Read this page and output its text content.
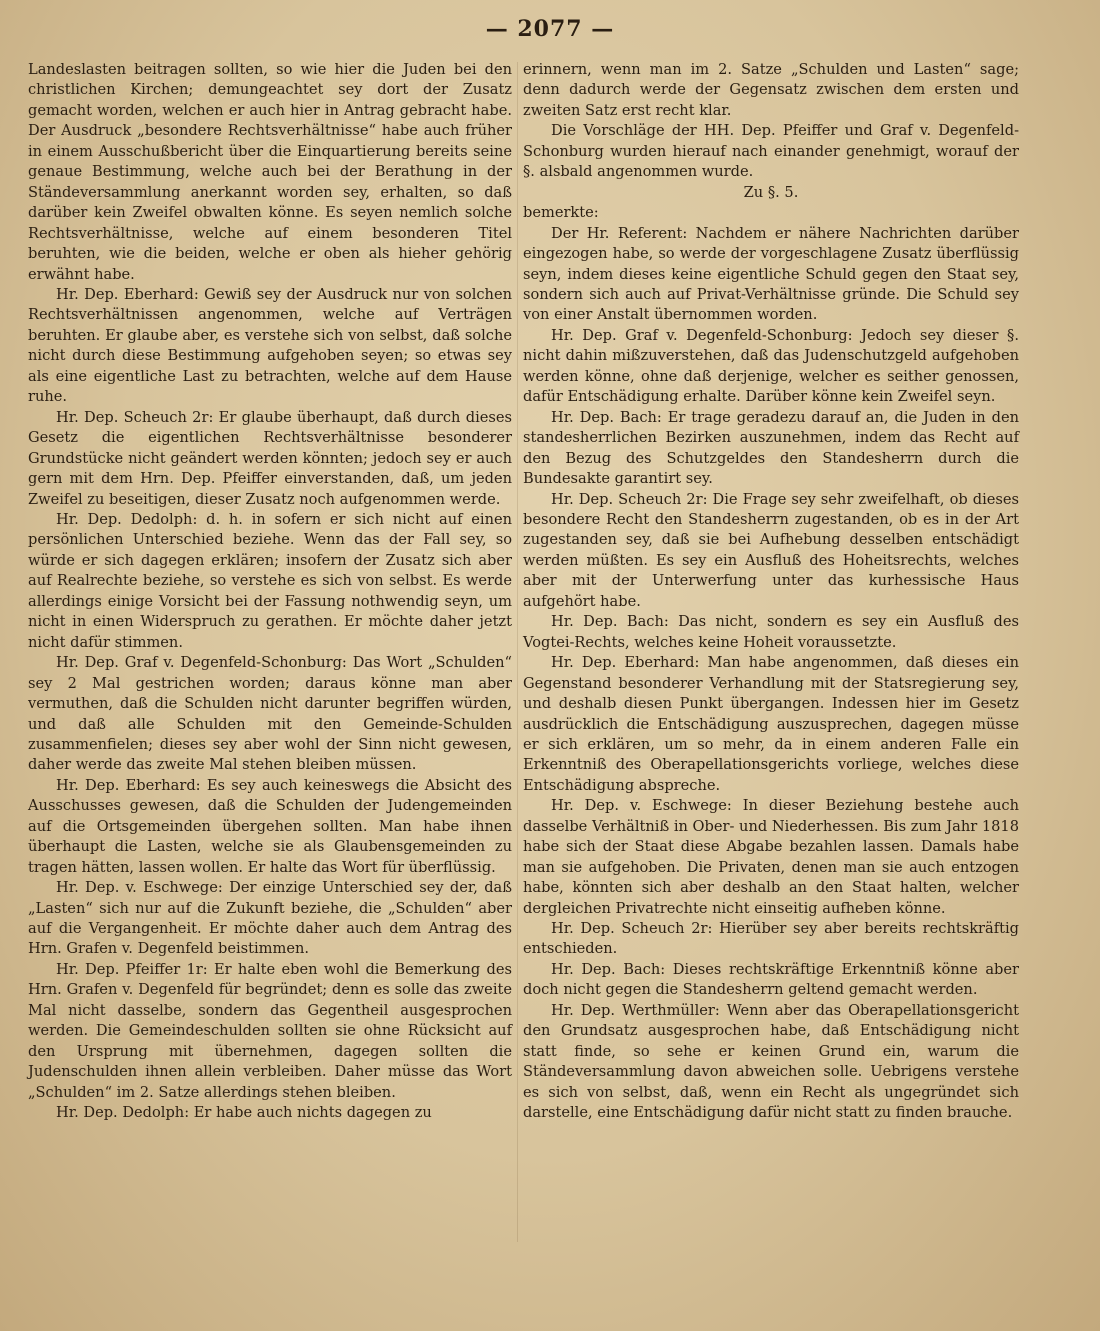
— 2077 —

Landeslasten beitragen sollten, so wie hier die Juden bei den christlichen Kirchen; demungeachtet sey dort der Zusatz gemacht worden, welchen er auch hier in Antrag gebracht habe. Der Ausdruck „besondere Rechtsverhältnisse“ habe auch früher in einem Ausschußbericht über die Einquartierung bereits seine genaue Bestimmung, welche auch bei der Berathung in der Ständeversammlung anerkannt worden sey, erhalten, so daß darüber kein Zweifel obwalten könne. Es seyen nemlich solche Rechtsverhältnisse, welche auf einem besonderen Titel beruhten, wie die beiden, welche er oben als hieher gehörig erwähnt habe.

Hr. Dep. Eberhard: Gewiß sey der Ausdruck nur von solchen Rechtsverhältnissen angenommen, welche auf Verträgen beruhten. Er glaube aber, es verstehe sich von selbst, daß solche nicht durch diese Bestimmung aufgehoben seyen; so etwas sey als eine eigentliche Last zu betrachten, welche auf dem Hause ruhe.

Hr. Dep. Scheuch 2r: Er glaube überhaupt, daß durch dieses Gesetz die eigentlichen Rechtsverhältnisse besonderer Grundstücke nicht geändert werden könnten; jedoch sey er auch gern mit dem Hrn. Dep. Pfeiffer einverstanden, daß, um jeden Zweifel zu beseitigen, dieser Zusatz noch aufgenommen werde.

Hr. Dep. Dedolph: d. h. in sofern er sich nicht auf einen persönlichen Unterschied beziehe. Wenn das der Fall sey, so würde er sich dagegen erklären; insofern der Zusatz sich aber auf Realrechte beziehe, so verstehe es sich von selbst. Es werde allerdings einige Vorsicht bei der Fassung nothwendig seyn, um nicht in einen Widerspruch zu gerathen. Er möchte daher jetzt nicht dafür stimmen.

Hr. Dep. Graf v. Degenfeld-Schonburg: Das Wort „Schulden“ sey 2 Mal gestrichen worden; daraus könne man aber vermuthen, daß die Schulden nicht darunter begriffen würden, und daß alle Schulden mit den Gemeinde-Schulden zusammenfielen; dieses sey aber wohl der Sinn nicht gewesen, daher werde das zweite Mal stehen bleiben müssen.

Hr. Dep. Eberhard: Es sey auch keineswegs die Absicht des Ausschusses gewesen, daß die Schulden der Judengemeinden auf die Ortsgemeinden übergehen sollten. Man habe ihnen überhaupt die Lasten, welche sie als Glaubensgemeinden zu tragen hätten, lassen wollen. Er halte das Wort für überflüssig.

Hr. Dep. v. Eschwege: Der einzige Unterschied sey der, daß „Lasten“ sich nur auf die Zukunft beziehe, die „Schulden“ aber auf die Vergangenheit. Er möchte daher auch dem Antrag des Hrn. Grafen v. Degenfeld beistimmen.

Hr. Dep. Pfeiffer 1r: Er halte eben wohl die Bemerkung des Hrn. Grafen v. Degenfeld für begründet; denn es solle das zweite Mal nicht dasselbe, sondern das Gegentheil ausgesprochen werden. Die Gemeindeschulden sollten sie ohne Rücksicht auf den Ursprung mit übernehmen, dagegen sollten die Judenschulden ihnen allein verbleiben. Daher müsse das Wort „Schulden“ im 2. Satze allerdings stehen bleiben.

Hr. Dep. Dedolph: Er habe auch nichts dagegen zu

erinnern, wenn man im 2. Satze „Schulden und Lasten“ sage; denn dadurch werde der Gegensatz zwischen dem ersten und zweiten Satz erst recht klar.

Die Vorschläge der HH. Dep. Pfeiffer und Graf v. Degenfeld-Schonburg wurden hierauf nach einander genehmigt, worauf der §. alsbald angenommen wurde.

Zu §. 5.

bemerkte:

Der Hr. Referent: Nachdem er nähere Nachrichten darüber eingezogen habe, so werde der vorgeschlagene Zusatz überflüssig seyn, indem dieses keine eigentliche Schuld gegen den Staat sey, sondern sich auch auf Privat-Verhältnisse gründe. Die Schuld sey von einer Anstalt übernommen worden.

Hr. Dep. Graf v. Degenfeld-Schonburg: Jedoch sey dieser §. nicht dahin mißzuverstehen, daß das Judenschutzgeld aufgehoben werden könne, ohne daß derjenige, welcher es seither genossen, dafür Entschädigung erhalte. Darüber könne kein Zweifel seyn.

Hr. Dep. Bach: Er trage geradezu darauf an, die Juden in den standesherrlichen Bezirken auszunehmen, indem das Recht auf den Bezug des Schutzgeldes den Standesherrn durch die Bundesakte garantirt sey.

Hr. Dep. Scheuch 2r: Die Frage sey sehr zweifelhaft, ob dieses besondere Recht den Standesherrn zugestanden, ob es in der Art zugestanden sey, daß sie bei Aufhebung desselben entschädigt werden müßten. Es sey ein Ausfluß des Hoheitsrechts, welches aber mit der Unterwerfung unter das kurhessische Haus aufgehört habe.

Hr. Dep. Bach: Das nicht, sondern es sey ein Ausfluß des Vogtei-Rechts, welches keine Hoheit voraussetzte.

Hr. Dep. Eberhard: Man habe angenommen, daß dieses ein Gegenstand besonderer Verhandlung mit der Statsregierung sey, und deshalb diesen Punkt übergangen. Indessen hier im Gesetz ausdrücklich die Entschädigung auszusprechen, dagegen müsse er sich erklären, um so mehr, da in einem anderen Falle ein Erkenntniß des Oberapellationsgerichts vorliege, welches diese Entschädigung abspreche.

Hr. Dep. v. Eschwege: In dieser Beziehung bestehe auch dasselbe Verhältniß in Ober- und Niederhessen. Bis zum Jahr 1818 habe sich der Staat diese Abgabe bezahlen lassen. Damals habe man sie aufgehoben. Die Privaten, denen man sie auch entzogen habe, könnten sich aber deshalb an den Staat halten, welcher dergleichen Privatrechte nicht einseitig aufheben könne.

Hr. Dep. Scheuch 2r: Hierüber sey aber bereits rechtskräftig entschieden.

Hr. Dep. Bach: Dieses rechtskräftige Erkenntniß könne aber doch nicht gegen die Standesherrn geltend gemacht werden.

Hr. Dep. Werthmüller: Wenn aber das Oberapellationsgericht den Grundsatz ausgesprochen habe, daß Entschädigung nicht statt finde, so sehe er keinen Grund ein, warum die Ständeversammlung davon abweichen solle. Uebrigens verstehe es sich von selbst, daß, wenn ein Recht als ungegründet sich darstelle, eine Entschädigung dafür nicht statt zu finden brauche.
